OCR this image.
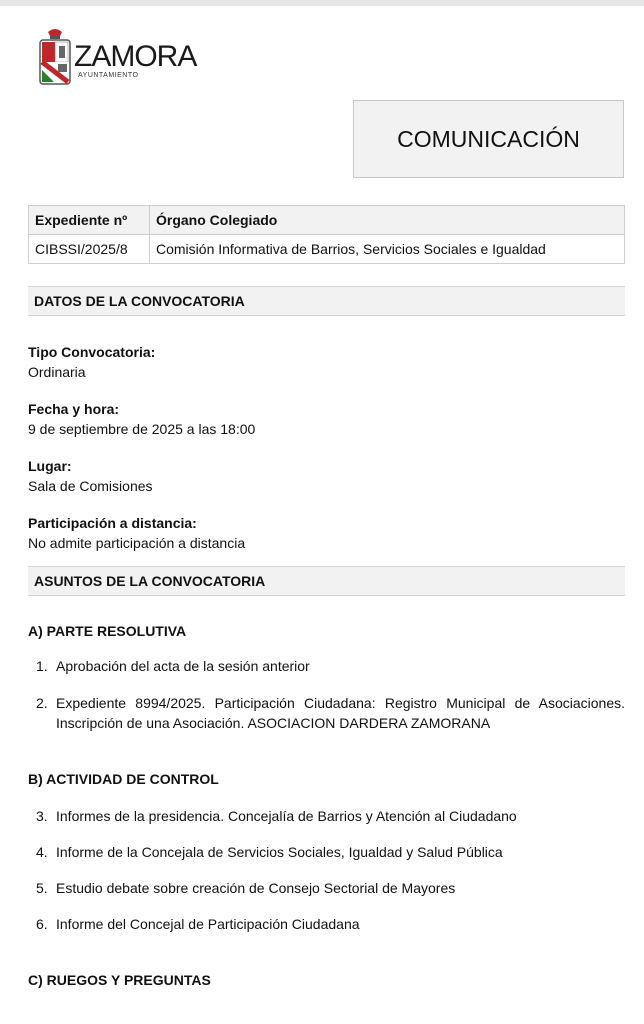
ZAMORA
AYUNTAMIENTO
COMUNICACIÓN
Expediente nº	Órgano Colegiado
CIBSSI/2025/8	Comisión Informativa de Barrios, Servicios Sociales e Igualdad
DATOS DE LA CONVOCATORIA
Tipo Convocatoria:
Ordinaria
Fecha y hora:
9 de septiembre de 2025 a las 18:00
Lugar:
Sala de Comisiones
Participación a distancia:
No admite participación a distancia
ASUNTOS DE LA CONVOCATORIA
A) PARTE RESOLUTIVA
1. Aprobación del acta de la sesión anterior
2. Expediente 8994/2025. Participación Ciudadana: Registro Municipal de Asociaciones. Inscripción de una Asociación. ASOCIACION DARDERA ZAMORANA
B) ACTIVIDAD DE CONTROL
3. Informes de la presidencia. Concejalía de Barrios y Atención al Ciudadano
4. Informe de la Concejala de Servicios Sociales, Igualdad y Salud Pública
5. Estudio debate sobre creación de Consejo Sectorial de Mayores
6. Informe del Concejal de Participación Ciudadana
C) RUEGOS Y PREGUNTAS
